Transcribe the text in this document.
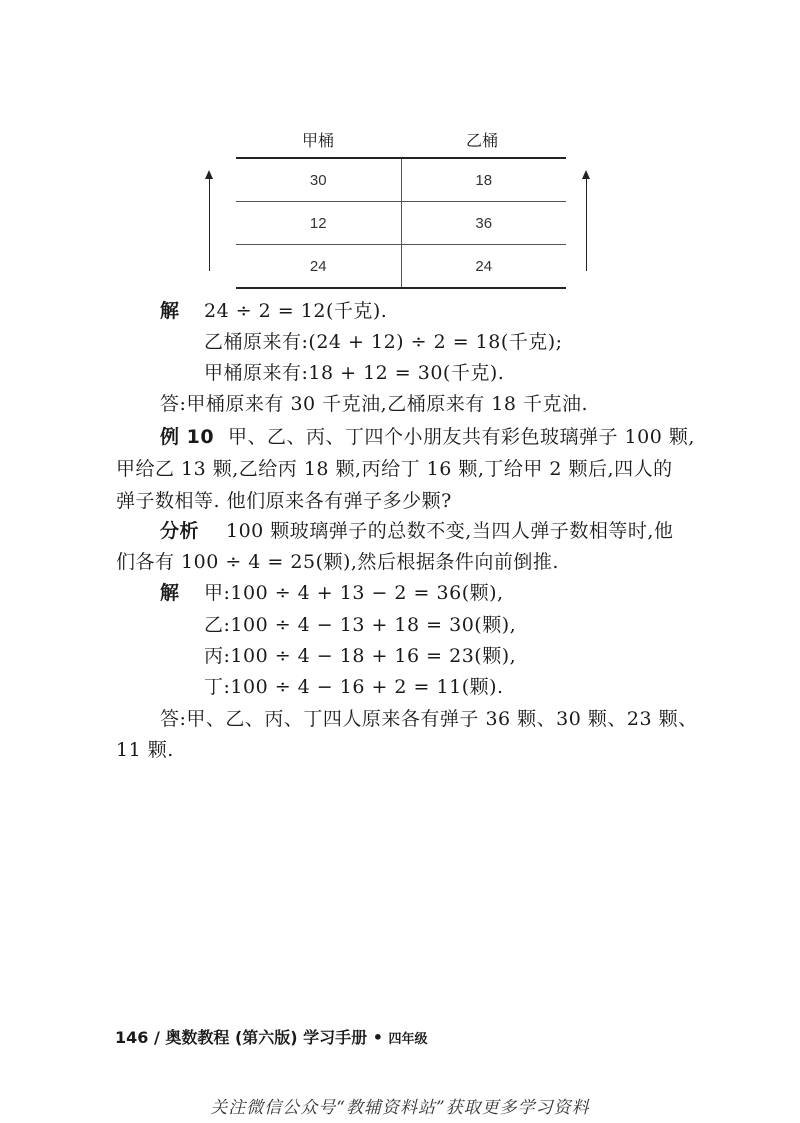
甲桶	乙桶
30	18
12	36
24	24
解 24 ÷ 2 = 12(千克).
乙桶原来有:(24 + 12) ÷ 2 = 18(千克);
甲桶原来有:18 + 12 = 30(千克).
答:甲桶原来有 30 千克油,乙桶原来有 18 千克油.
例 10 甲、乙、丙、丁四个小朋友共有彩色玻璃弹子 100 颗,
甲给乙 13 颗,乙给丙 18 颗,丙给丁 16 颗,丁给甲 2 颗后,四人的
弹子数相等. 他们原来各有弹子多少颗?
分析 100 颗玻璃弹子的总数不变,当四人弹子数相等时,他
们各有 100 ÷ 4 = 25(颗),然后根据条件向前倒推.
解 甲:100 ÷ 4 + 13 − 2 = 36(颗),
乙:100 ÷ 4 − 13 + 18 = 30(颗),
丙:100 ÷ 4 − 18 + 16 = 23(颗),
丁:100 ÷ 4 − 16 + 2 = 11(颗).
答:甲、乙、丙、丁四人原来各有弹子 36 颗、30 颗、23 颗、
11 颗.
146 / 奥数教程 (第六版) 学习手册 • 四年级
关注微信公众号“教辅资料站”获取更多学习资料
